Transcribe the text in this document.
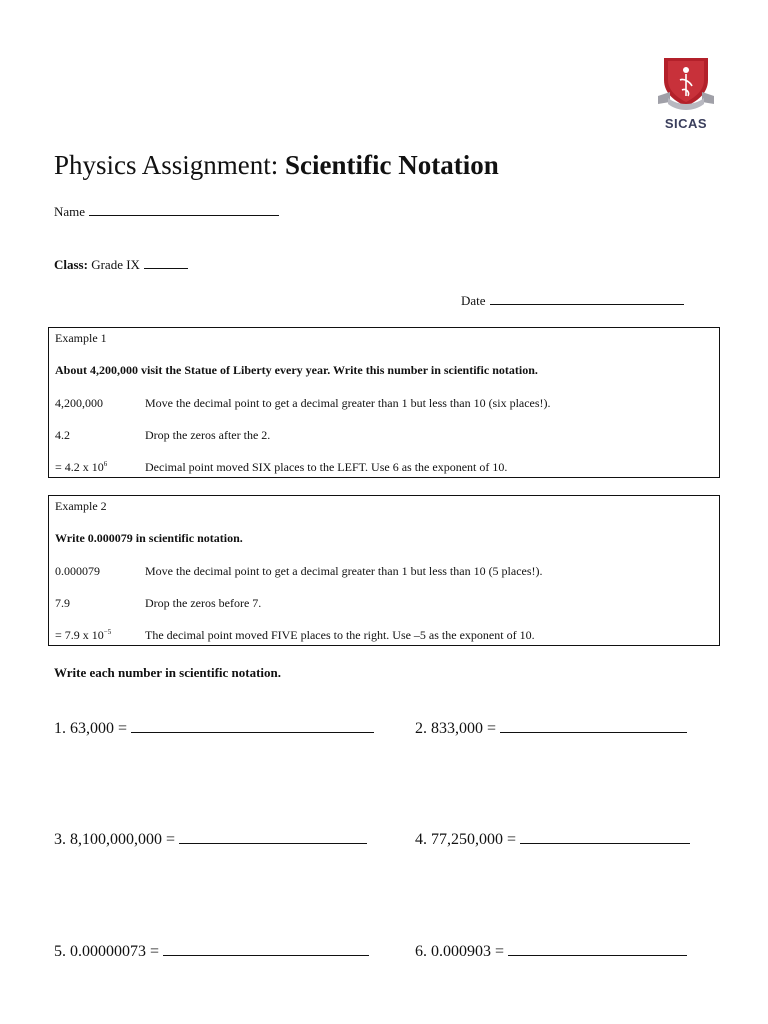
SICAS
Physics Assignment: Scientific Notation
Name
Class: Grade IX
Date
Example 1
About 4,200,000 visit the Statue of Liberty every year. Write this number in scientific notation.
4,200,000	Move the decimal point to get a decimal greater than 1 but less than 10 (six places!).
4.2	Drop the zeros after the 2.
= 4.2 x $10^6$	Decimal point moved SIX places to the LEFT. Use 6 as the exponent of 10.
Example 2
Write 0.000079 in scientific notation.
0.000079	Move the decimal point to get a decimal greater than 1 but less than 10 (5 places!).
7.9	Drop the zeros before 7.
= 7.9 x $10^{-5}$	The decimal point moved FIVE places to the right. Use –5 as the exponent of 10.
Write each number in scientific notation.
1. 63,000 =	2. 833,000 =
3. 8,100,000,000 =	4. 77,250,000 =
5. 0.00000073 =	6. 0.000903 =
